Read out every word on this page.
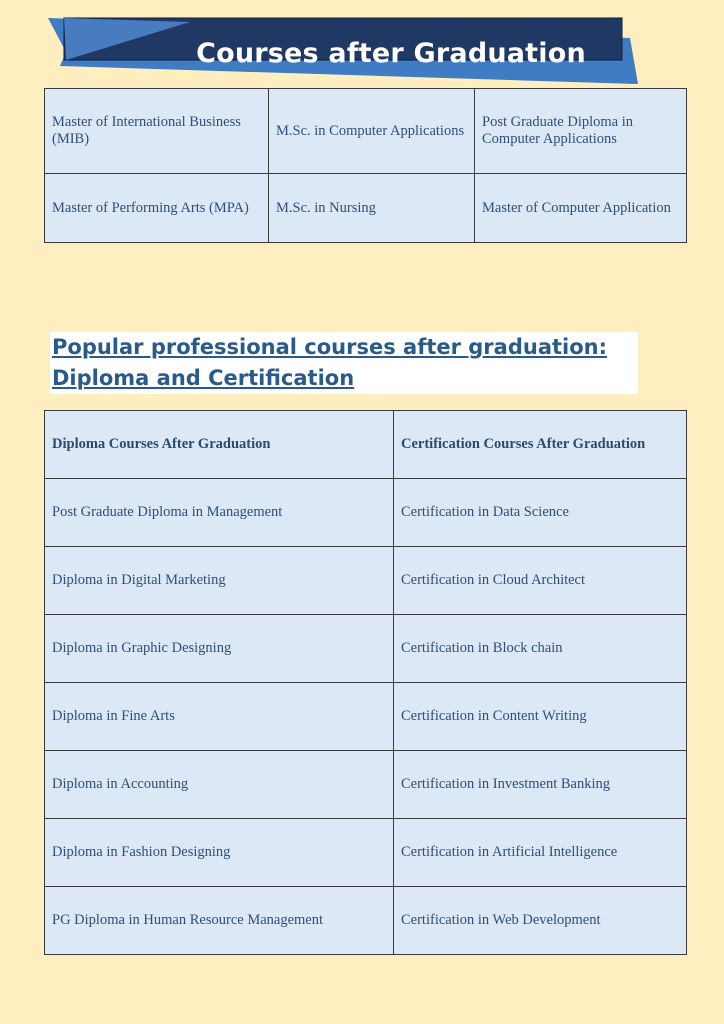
Courses after Graduation
Master of International Business (MIB)	M.Sc. in Computer Applications	Post Graduate Diploma in Computer Applications
Master of Performing Arts (MPA)	M.Sc. in Nursing	Master of Computer Application
Popular professional courses after graduation:
Diploma and Certification
Diploma Courses After Graduation	Certification Courses After Graduation
Post Graduate Diploma in Management	Certification in Data Science
Diploma in Digital Marketing	Certification in Cloud Architect
Diploma in Graphic Designing	Certification in Block chain
Diploma in Fine Arts	Certification in Content Writing
Diploma in Accounting	Certification in Investment Banking
Diploma in Fashion Designing	Certification in Artificial Intelligence
PG Diploma in Human Resource Management	Certification in Web Development
